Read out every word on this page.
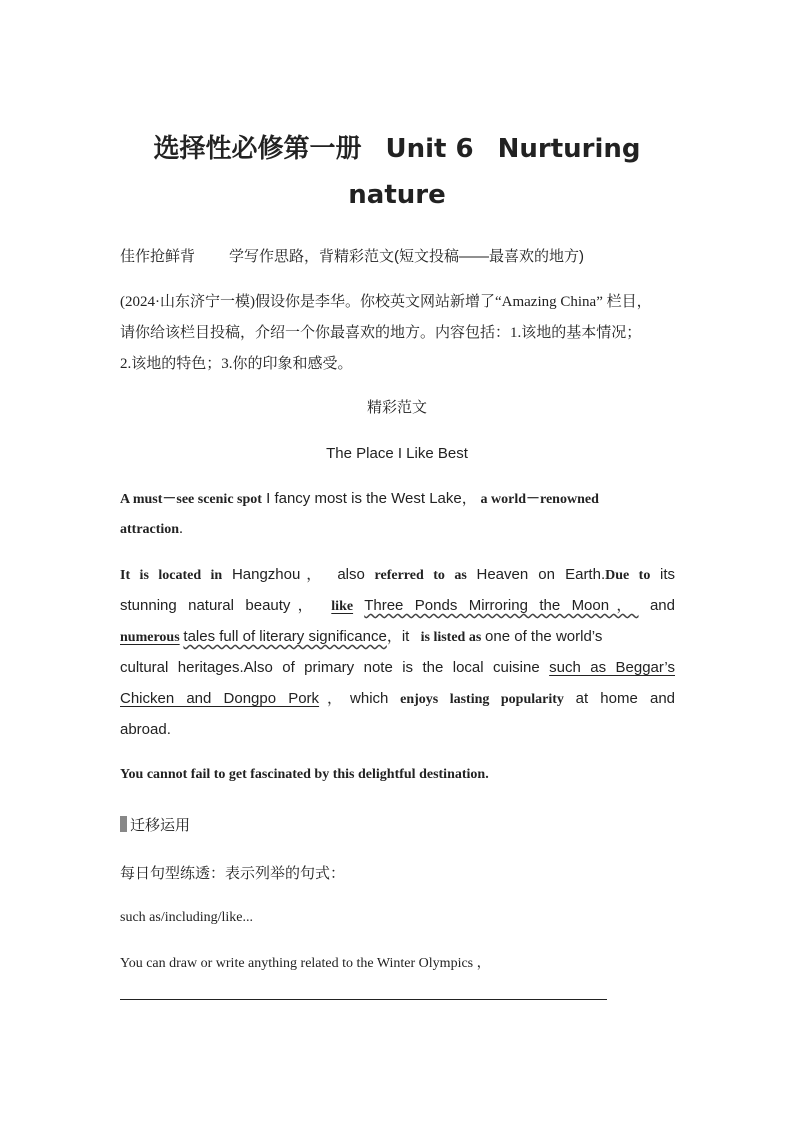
选择性必修第一册 Unit 6 Nurturing
nature
佳作抢鲜背 学写作思路，背精彩范文(短文投稿——最喜欢的地方)
(2024·山东济宁一模)假设你是李华。你校英文网站新增了“Amazing China” 栏目，
请你给该栏目投稿，介绍一个你最喜欢的地方。内容包括：1.该地的基本情况；
2.该地的特色；3.你的印象和感受。
精彩范文
The Place I Like Best
A must－see scenic spot I fancy most is the West Lake， a world－renowned
attraction.
It is located in Hangzhou， also referred to as Heaven on Earth.Due to its
stunning natural beauty， like Three Ponds Mirroring the Moon， and
numerous tales full of literary significance，it is listed as one of the world’s
cultural heritages.Also of primary note is the local cuisine such as Beggar’s
Chicken and Dongpo Pork，which enjoys lasting popularity at home and
abroad.
You cannot fail to get fascinated by this delightful destination.
迁移运用
每日句型练透：表示列举的句式：
such as/including/like...
You can draw or write anything related to the Winter Olympics ，
